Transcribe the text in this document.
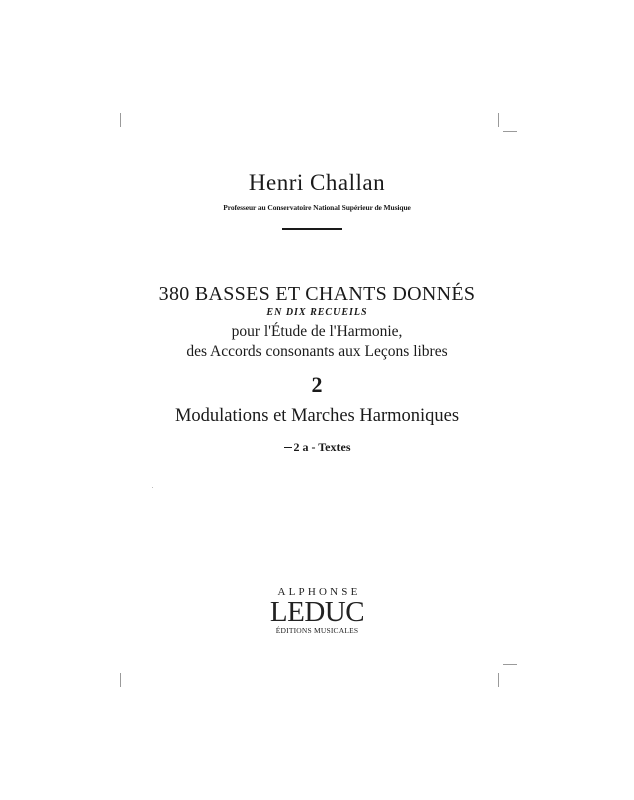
Henri Challan
Professeur au Conservatoire National Supérieur de Musique
380 BASSES ET CHANTS DONNÉS
EN DIX RECUEILS
pour l'Étude de l'Harmonie,
des Accords consonants aux Leçons libres
2
Modulations et Marches Harmoniques
2 a - Textes
ALPHONSE
LEDUC
ÉDITIONS MUSICALES
